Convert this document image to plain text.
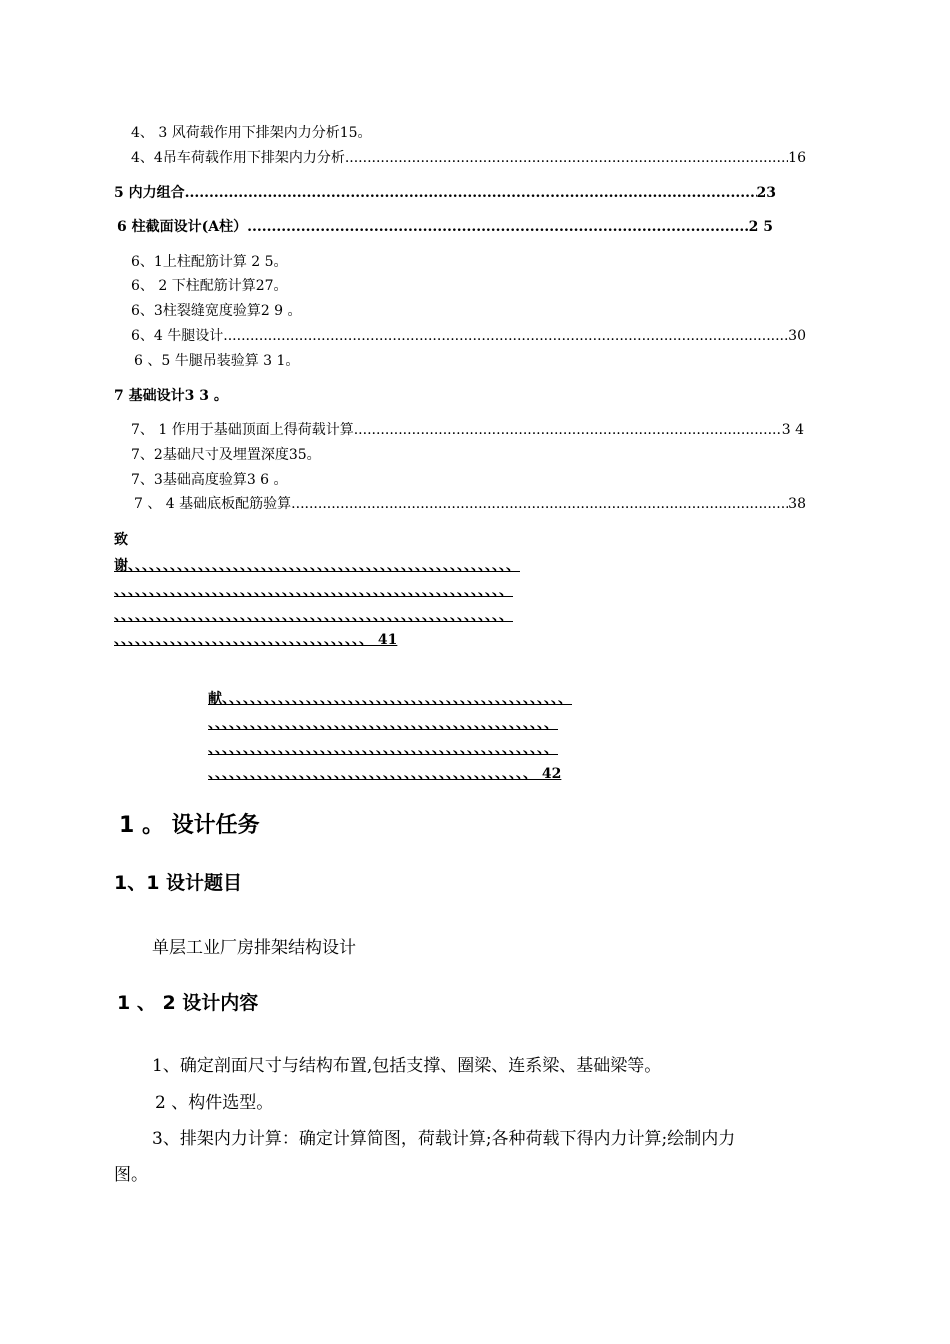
4、 3 风荷载作用下排架内力分析15。
4、4吊车荷载作用下排架内力分析 .....	16
5 内力组合 .....	23
6 柱截面设计(A柱） .....	2 5
6、1上柱配筋计算 2 5。
6、 2 下柱配筋计算27。
6、3柱裂缝宽度验算2 9 。
6、4 牛腿设计 .....	30
6 、5 牛腿吊装验算 3 1。
7 基础设计3 3 。
7、 1 作用于基础顶面上得荷载计算 .....	3 4
7、2基础尺寸及埋置深度35。
7、3基础高度验算3 6 。
7 、 4 基础底板配筋验算 .....	38
致
谢、、、、、、、、、、、、、、、、、、、、、、、、、、、、、、、、、、、、、、、、、、、、、、、、、、、、、、、
、、、、、、、、、、、、、、、、、、、、、、、、、、、、、、、、、、、、、、、、、、、、、、、、、、、、、、、、
、、、、、、、、、、、、、、、、、、、、、、、、、、、、、、、、、、、、、、、、、、、、、、、、、、、、、、、、
、、、、、、、、、、、、、、、、、、、、、、、、、、、、、、、、、、、、 41
献、、、、、、、、、、、、、、、、、、、、、、、、、、、、、、、、、、、、、、、、、、、、、、、、、
、、、、、、、、、、、、、、、、、、、、、、、、、、、、、、、、、、、、、、、、、、、、、、、、、
、、、、、、、、、、、、、、、、、、、、、、、、、、、、、、、、、、、、、、、、、、、、、、、、、
、、、、、、、、、、、、、、、、、、、、、、、、、、、、、、、、、、、、、、、、、、、、、、 42
1 。 设计任务
1、1 设计题目
单层工业厂房排架结构设计
1 、 2 设计内容
1、确定剖面尺寸与结构布置,包括支撑、圈梁、连系梁、基础梁等。
2 、构件选型。
3、排架内力计算：确定计算简图，荷载计算;各种荷载下得内力计算;绘制内力
图。
